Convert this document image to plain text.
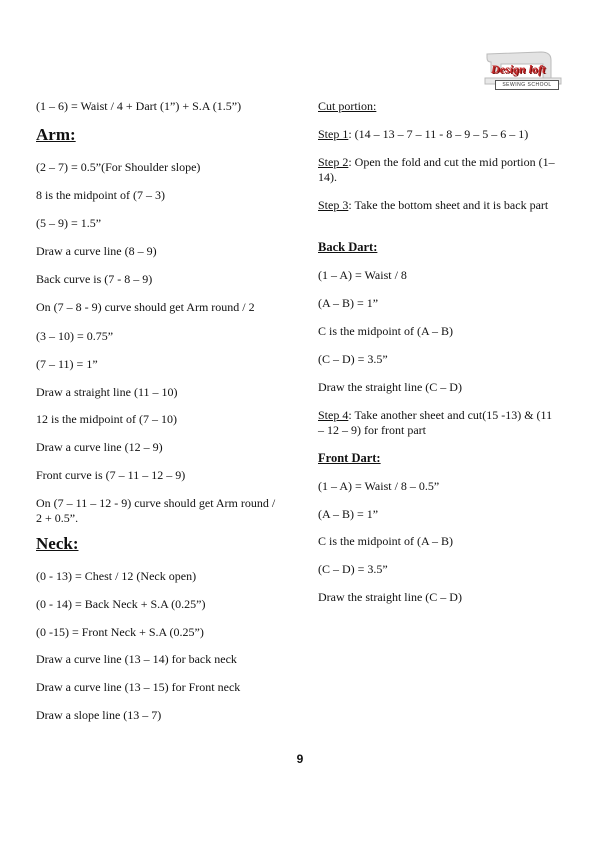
Design loft
SEWING SCHOOL

(1 – 6) = Waist / 4 + Dart (1”) + S.A (1.5”)

Arm:

(2 – 7) = 0.5”(For Shoulder slope)

8 is the midpoint of (7 – 3)

(5 – 9) = 1.5”

Draw a curve line (8 – 9)

Back curve is (7 - 8 – 9)

On (7 – 8 - 9) curve should get Arm round / 2

(3 – 10) = 0.75”

(7 – 11) = 1”

Draw a straight line (11 – 10)

12 is the midpoint of (7 – 10)

Draw a curve line (12 – 9)

Front curve is (7 – 11 – 12 – 9)

On (7 – 11 – 12 - 9) curve should get Arm round / 2 + 0.5”.

Neck:

(0 - 13) = Chest / 12 (Neck open)

(0 - 14) = Back Neck + S.A (0.25”)

(0 -15) = Front Neck + S.A (0.25”)

Draw a curve line (13 – 14) for back neck

Draw a curve line (13 – 15) for Front neck

Draw a slope line (13 – 7)

Cut portion:

Step 1: (14 – 13 – 7 – 11 - 8 – 9 – 5 – 6 – 1)

Step 2: Open the fold and cut the mid portion (1–14).

Step 3: Take the bottom sheet and it is back part

Back Dart:

(1 – A) = Waist / 8

(A – B) = 1”

C is the midpoint of (A – B)

(C – D) = 3.5”

Draw the straight line (C – D)

Step 4: Take another sheet and cut(15 -13) & (11 – 12 – 9) for front part

Front Dart:

(1 – A) = Waist / 8 – 0.5”

(A – B) = 1”

C is the midpoint of (A – B)

(C – D) = 3.5”

Draw the straight line (C – D)

9
